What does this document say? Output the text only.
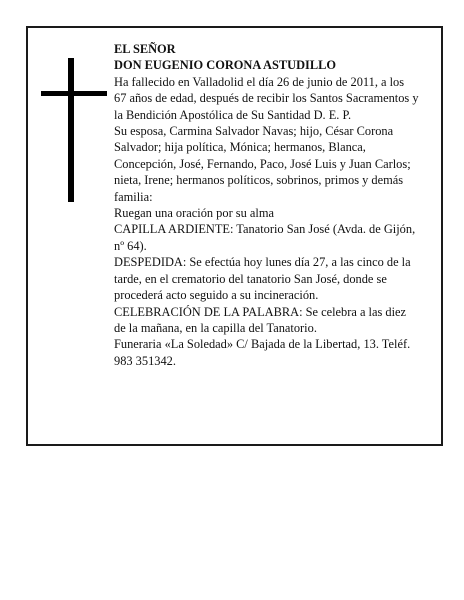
EL SEÑOR

DON EUGENIO CORONA ASTUDILLO

Ha fallecido en Valladolid el día 26 de junio de 2011, a los 67 años de edad, después de recibir los Santos Sacramentos y la Bendición Apostólica de Su Santidad D. E. P.

Su esposa, Carmina Salvador Navas; hijo, César Corona Salvador; hija política, Mónica; hermanos, Blanca, Concepción, José, Fernando, Paco, José Luis y Juan Carlos; nieta, Irene; hermanos políticos, sobrinos, primos y demás familia:

Ruegan una oración por su alma

CAPILLA ARDIENTE: Tanatorio San José (Avda. de Gijón, nº 64).

DESPEDIDA: Se efectúa hoy lunes día 27, a las cinco de la tarde, en el crematorio del tanatorio San José, donde se procederá acto seguido a su incineración.

CELEBRACIÓN DE LA PALABRA: Se celebra a las diez de la mañana, en la capilla del Tanatorio.

Funeraria «La Soledad» C/ Bajada de la Libertad, 13. Teléf. 983 351342.
